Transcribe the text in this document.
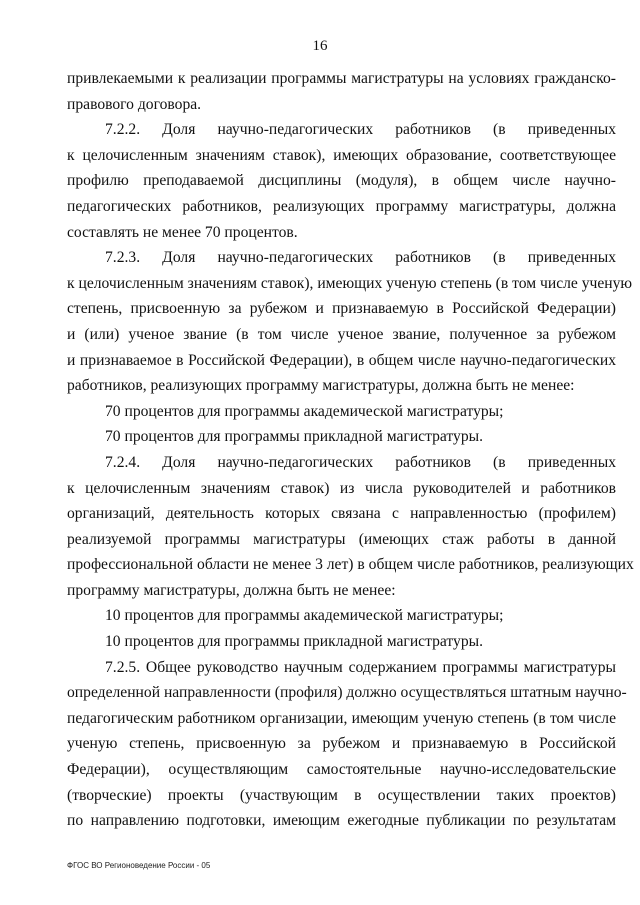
16
привлекаемыми к реализации программы магистратуры на условиях гражданско-
правового договора.
7.2.2. Доля научно-педагогических работников (в приведенных
к целочисленным значениям ставок), имеющих образование, соответствующее
профилю преподаваемой дисциплины (модуля), в общем числе научно-
педагогических работников, реализующих программу магистратуры, должна
составлять не менее 70 процентов.
7.2.3. Доля научно-педагогических работников (в приведенных
к целочисленным значениям ставок), имеющих ученую степень (в том числе ученую
степень, присвоенную за рубежом и признаваемую в Российской Федерации)
и (или) ученое звание (в том числе ученое звание, полученное за рубежом
и признаваемое в Российской Федерации), в общем числе научно-педагогических
работников, реализующих программу магистратуры, должна быть не менее:
70 процентов для программы академической магистратуры;
70 процентов для программы прикладной магистратуры.
7.2.4. Доля научно-педагогических работников (в приведенных
к целочисленным значениям ставок) из числа руководителей и работников
организаций, деятельность которых связана с направленностью (профилем)
реализуемой программы магистратуры (имеющих стаж работы в данной
профессиональной области не менее 3 лет) в общем числе работников, реализующих
программу магистратуры, должна быть не менее:
10 процентов для программы академической магистратуры;
10 процентов для программы прикладной магистратуры.
7.2.5. Общее руководство научным содержанием программы магистратуры
определенной направленности (профиля) должно осуществляться штатным научно-
педагогическим работником организации, имеющим ученую степень (в том числе
ученую степень, присвоенную за рубежом и признаваемую в Российской
Федерации), осуществляющим самостоятельные научно-исследовательские
(творческие) проекты (участвующим в осуществлении таких проектов)
по направлению подготовки, имеющим ежегодные публикации по результатам
ФГОС ВО Регионоведение России - 05
